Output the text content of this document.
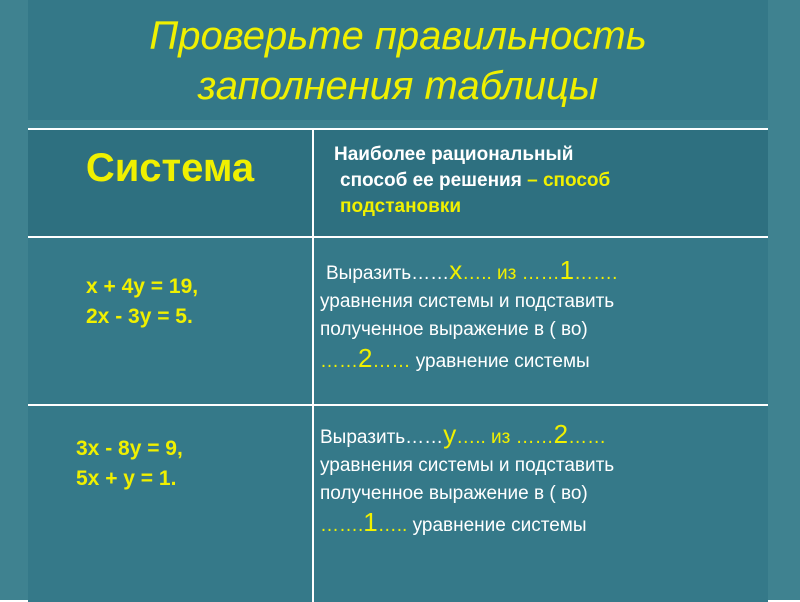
Проверьте правильность
заполнения таблицы
Система	Наиболее рациональный
способ ее решения – способ
подстановки
x + 4y = 19,
2x - 3y = 5.
Выразить……x….. из ……1…….
уравнения системы и подставить
полученное выражение в ( во)
……2…… уравнение системы
3x - 8y = 9,
5x + y = 1.
Выразить……y….. из ……2……
уравнения системы и подставить
полученное выражение в ( во)
…….1….. уравнение системы
